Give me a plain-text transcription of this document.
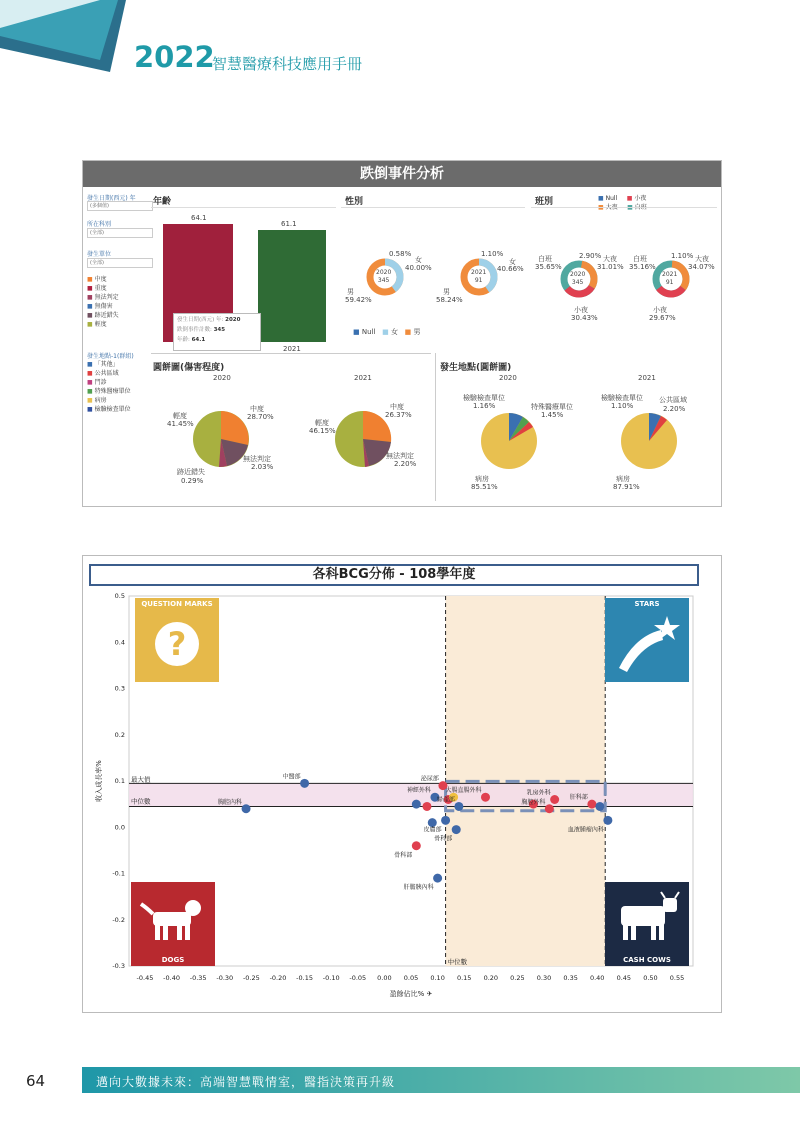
2022
智慧醫療科技應用手冊
跌倒事件分析
發生日期(西元) 年
(多個值)
所在科別
(全部)
發生單位
(全部)
■ 中度
■ 重度
■ 無法判定
■ 無傷害
■ 跡近錯失
■ 輕度
發生地點-1(群組)
■ 「其他」
■ 公共區域
■ 門診
■ 特殊醫療單位
■ 病房
■ 檢驗檢查單位
年齡
64.1
61.1
2021
發生日期(西元) 年: 2020
跌倒事件計數: 345
年齡: 64.1
性別
2020
345
0.58%
女
40.00%
男
59.42%
2021
91
1.10%
女
40.66%
男
58.24%
■ Null ■ 女 ■ 男
班別	■ Null ■ 小夜

2020
345
白班
35.65%
2.90% 大夜
31.01%
小夜
30.43%
2021
91
白班
35.16%
1.10% 大夜
34.07%
小夜
29.67%
圓餅圖(傷害程度)
2020	2021
輕度
41.45%
中度
28.70%
無法判定
2.03%
跡近錯失
0.29%
輕度
46.15%
中度
26.37%
無法判定
2.20%
發生地點(圓餅圖)
2020	2021
檢驗檢查單位
1.16%	特殊醫療單位
1.45%
病房
85.51%
檢驗檢查單位
1.10%
公共區域
2.20%
病房
87.91%
各科BCG分佈 - 108學年度
最大值
中位數
中位數
-0.45 -0.40 -0.35 -0.30 -0.25 -0.20 -0.15 -0.10 -0.05 0.00 0.05 0.10 0.15 0.20 0.25 0.30 0.35 0.40 0.45 0.50 0.55
0.5
0.4
0.3
0.2
0.1
0.0
-0.1
-0.2
-0.3
盈餘佔比% ✈
收入成長率%	中醫部
胸腔內科
泌尿部
神經外科
婦產部
皮膚部
大腸直腸外科	乳房外科
胸腔外科
肝科部
血液腫瘤內科
骨科部
骨科部
肝膽胰內科
QUESTION MARKS
?
STARS
DOGS	CASH COWS
64	邁向大數據未來：高端智慧戰情室，醫指決策再升級
